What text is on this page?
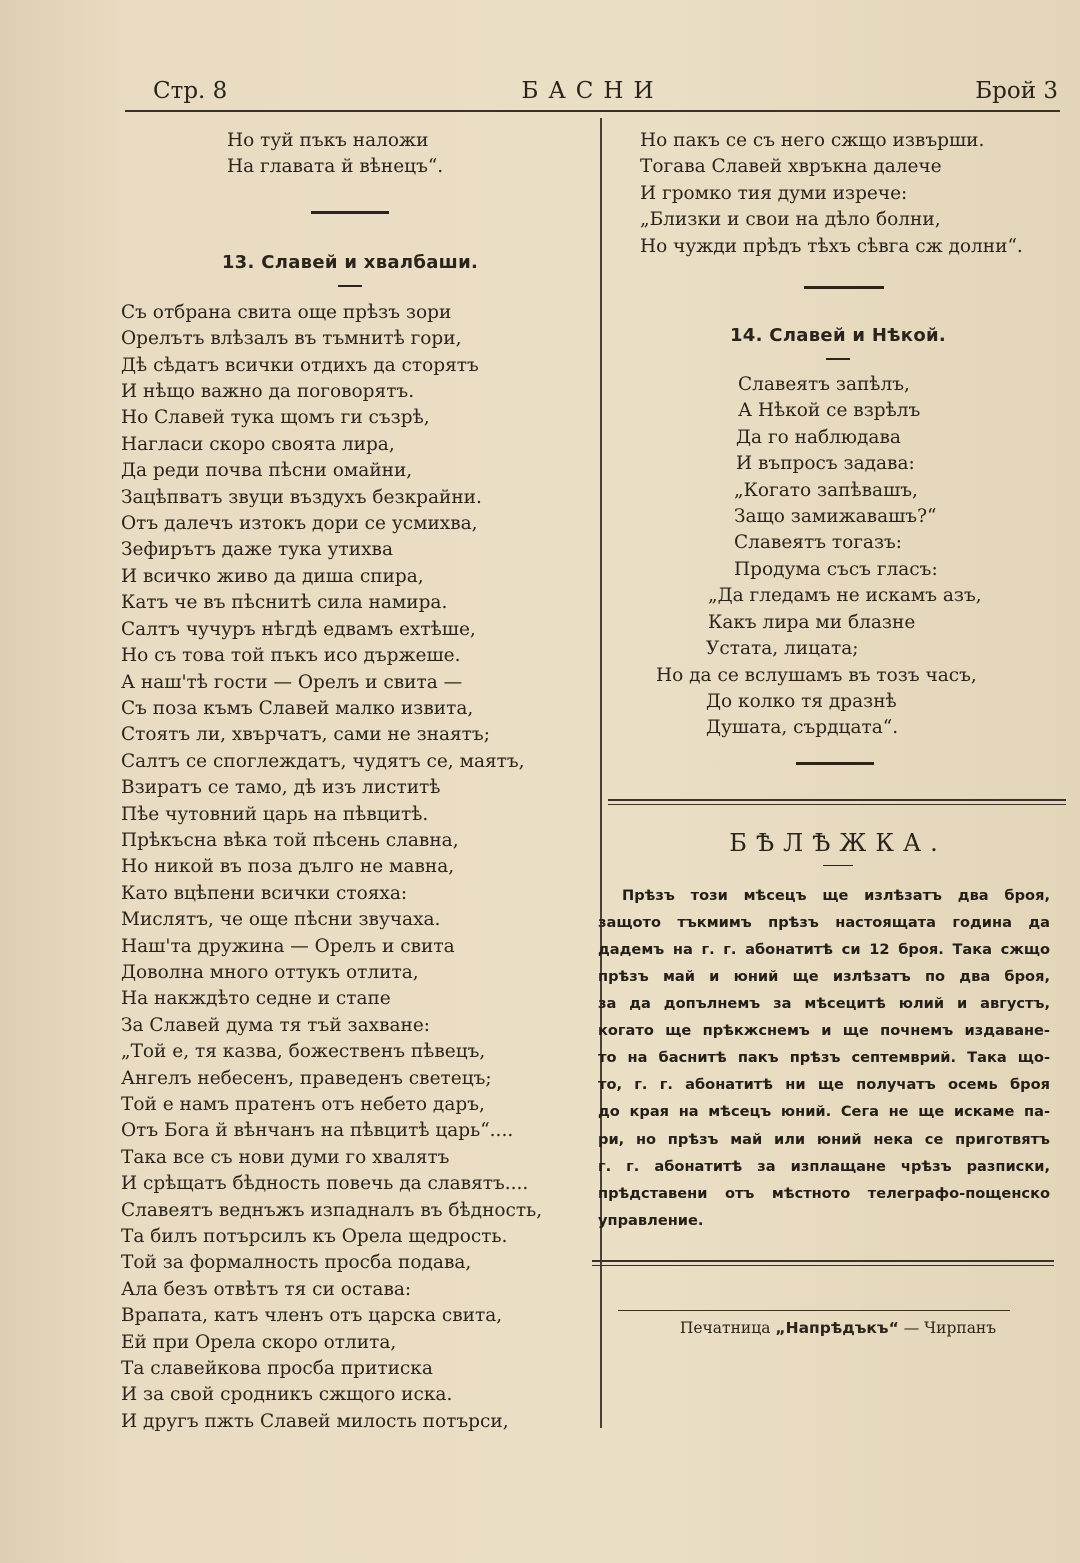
Стр. 8	БАСНИ	Брой 3
Но туй пъкъ наложи
На главата й вѣнецъ“.
13. Славей и хвалбаши.
Съ отбрана свита още прѣзъ зори
Орелътъ влѣзалъ въ тъмнитѣ гори,
Дѣ сѣдатъ всички отдихъ да сторятъ
И нѣщо важно да поговорятъ.
Но Славей тука щомъ ги съзрѣ,
Нагласи скоро своята лира,
Да реди почва пѣсни омайни,
Зацѣпватъ звуци въздухъ безкрайни.
Отъ далечъ изтокъ дори се усмихва,
Зефирътъ даже тука утихва
И всичко живо да диша спира,
Катъ че въ пѣснитѣ сила намира.
Салтъ чучуръ нѣгдѣ едвамъ ехтѣше,
Но съ това той пъкъ исо държеше.
А наш'тѣ гости — Орелъ и свита —
Съ поза къмъ Славей малко извита,
Стоятъ ли, хвърчатъ, сами не знаятъ;
Салтъ се споглеждатъ, чудятъ се, маятъ,
Взиратъ се тамо, дѣ изъ листитѣ
Пѣе чутовний царь на пѣвцитѣ.
Прѣкъсна вѣка той пѣсень славна,
Но никой въ поза дълго не мавна,
Като вцѣпени всички стояха:
Мислятъ, че още пѣсни звучаха.
Наш'та дружина — Орелъ и свита
Доволна много оттукъ отлита,
На накждѣто седне и стапе
За Славей дума тя тъй захване:
„Той е, тя казва, божественъ пѣвецъ,
Ангелъ небесенъ, праведенъ светецъ;
Той е намъ пратенъ отъ небето даръ,
Отъ Бога й вѣнчанъ на пѣвцитѣ царь“....
Така все съ нови думи го хвалятъ
И срѣщатъ бѣдность повечь да славятъ....
Славеятъ веднъжъ изпадналъ въ бѣдность,
Та билъ потърсилъ къ Орела щедрость.
Той за формалность проcба подава,
Ала безъ отвѣтъ тя си остава:
Врапата, катъ членъ отъ царска свита,
Ей при Орела скоро отлита,
Та славейкова проcба притиска
И за свой сродникъ сжщого иска.
И другъ пжть Славей милость потърси,
Но пакъ се съ него сжщо извърши.
Тогава Славей хвръкна далече
И громко тия думи изрече:
„Близки и свои на дѣло болни,
Но чужди прѣдъ тѣхъ сѣвга сж долни“.
14. Славей и Нѣкой.
Славеятъ запѣлъ,
А Нѣкой се взрѣлъ
Да го наблюдава
И въпросъ задава:
„Когато запѣвашъ,
Защо замижавашъ?“
Славеятъ тогазъ:
Продума съсъ гласъ:
„Да гледамъ не искамъ азъ,
Какъ лира ми блазне
Устата, лицата;
Но да се вслушамъ въ тозъ часъ,
До колко тя дразнѣ
Душата, сърдцата“.
БѢЛѢЖКА.
Прѣзъ този мѣсецъ ще излѣзатъ два броя,
защото тъкмимъ прѣзъ настоящата година да
дадемъ на г. г. абонатитѣ си 12 броя. Така сжщо
прѣзъ май и юний ще излѣзатъ по два броя,
за да допълнемъ за мѣсецитѣ юлий и августъ,
когато ще прѣкжснемъ и ще почнемъ издаване-
то на баснитѣ пакъ прѣзъ септемврий. Така що-
то, г. г. абонатитѣ ни ще получатъ осемь броя
до края на мѣсецъ юний. Сега не ще искаме па-
ри, но прѣзъ май или юний нека се приготвятъ
г. г. абонатитѣ за изплащане чрѣзъ разписки,
прѣдставени отъ мѣстното телеграфо-пощенско
управление.
Печатница „Напрѣдъкъ“ — Чирпанъ
